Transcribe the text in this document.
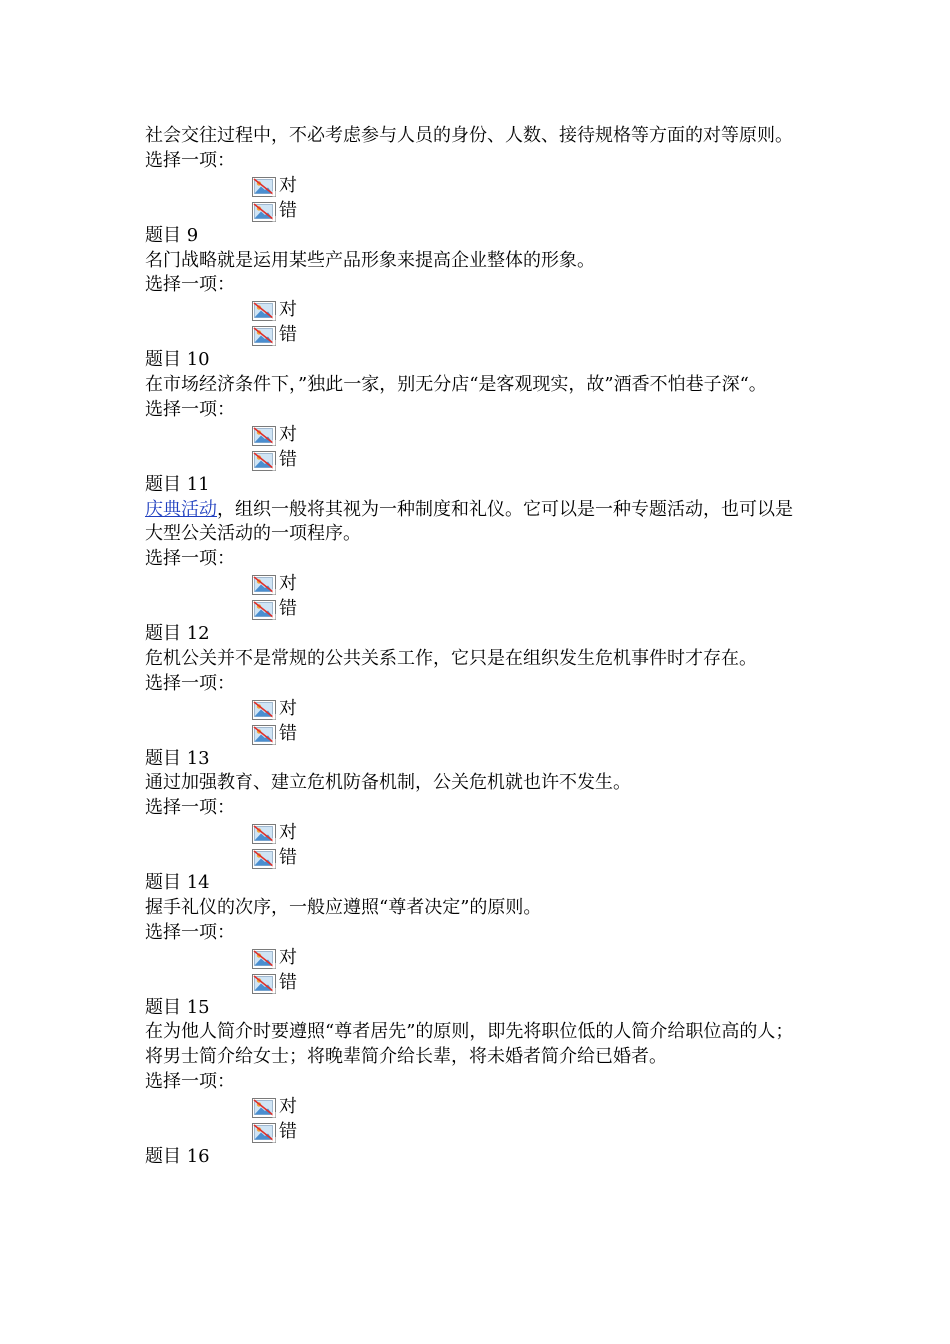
社会交往过程中，不必考虑参与人员的身份、人数、接待规格等方面的对等原则。
选择一项：
对
错
题目 9
名门战略就是运用某些产品形象来提高企业整体的形象。
选择一项：
对
错
题目 10
在市场经济条件下，”独此一家，别无分店“是客观现实，故”酒香不怕巷子深“。
选择一项：
对
错
题目 11
庆典活动，组织一般将其视为一种制度和礼仪。它可以是一种专题活动，也可以是大型公关活动的一项程序。
选择一项：
对
错
题目 12
危机公关并不是常规的公共关系工作，它只是在组织发生危机事件时才存在。
选择一项：
对
错
题目 13
通过加强教育、建立危机防备机制，公关危机就也许不发生。
选择一项：
对
错
题目 14
握手礼仪的次序，一般应遵照“尊者决定”的原则。
选择一项：
对
错
题目 15
在为他人简介时要遵照“尊者居先”的原则，即先将职位低的人简介给职位高的人；将男士简介给女士；将晚辈简介给长辈，将未婚者简介给已婚者。
选择一项：
对
错
题目 16
